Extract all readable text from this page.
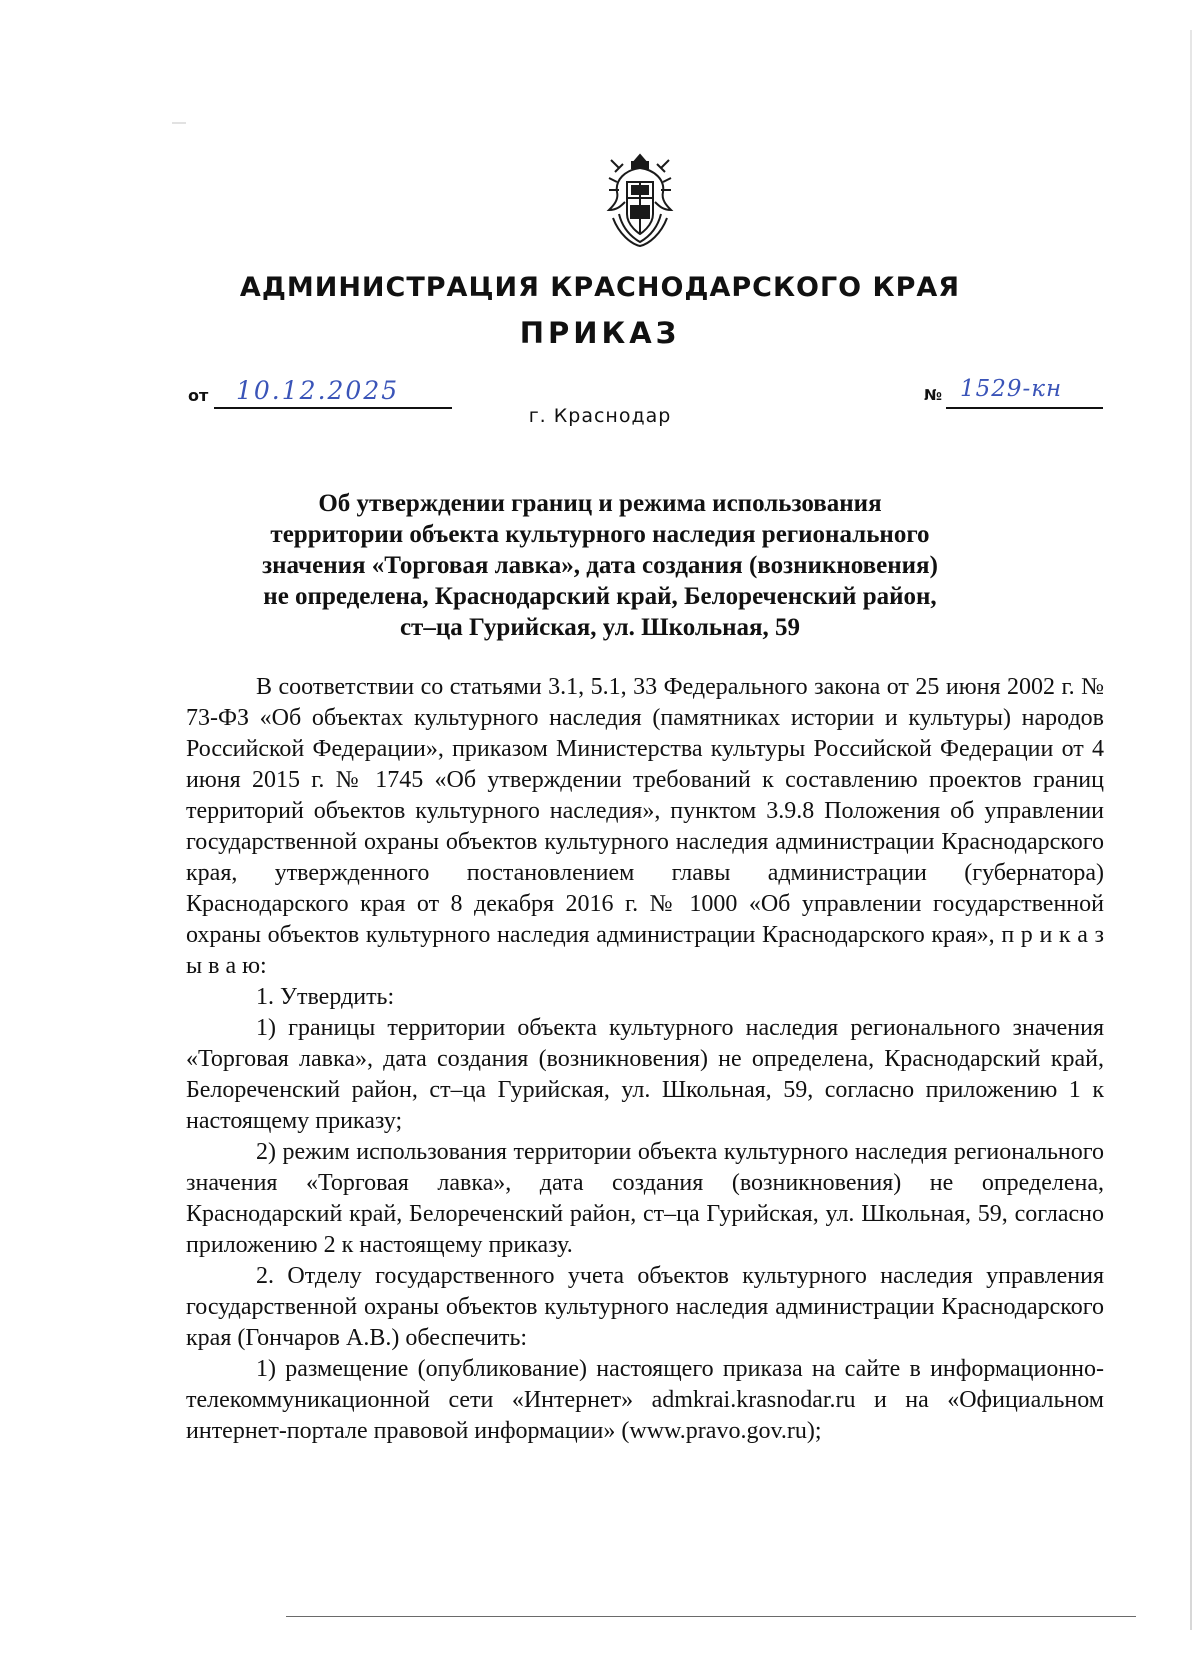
АДМИНИСТРАЦИЯ КРАСНОДАРСКОГО КРАЯ
ПРИКАЗ
от 10.12.2025
г. Краснодар
№ 1529-кн
Об утверждении границ и режима использования
территории объекта культурного наследия регионального
значения «Торговая лавка», дата создания (возникновения)
не определена, Краснодарский край, Белореченский район,
ст–ца Гурийская, ул. Школьная, 59
В соответствии со статьями 3.1, 5.1, 33 Федерального закона от 25 июня 2002 г. № 73-ФЗ «Об объектах культурного наследия (памятниках истории и культуры) народов Российской Федерации», приказом Министерства культуры Российской Федерации от 4 июня 2015 г. № 1745 «Об утверждении требований к составлению проектов границ территорий объектов культурного наследия», пунктом 3.9.8 Положения об управлении государственной охраны объектов культурного наследия администрации Краснодарского края, утвержденного постановлением главы администрации (губернатора) Краснодарского края от 8 декабря 2016 г. № 1000 «Об управлении государственной охраны объектов культурного наследия администрации Краснодарского края», п р и к а з ы в а ю:
1. Утвердить:
1) границы территории объекта культурного наследия регионального значения «Торговая лавка», дата создания (возникновения) не определена, Краснодарский край, Белореченский район, ст–ца Гурийская, ул. Школьная, 59, согласно приложению 1 к настоящему приказу;
2) режим использования территории объекта культурного наследия регионального значения «Торговая лавка», дата создания (возникновения) не определена, Краснодарский край, Белореченский район, ст–ца Гурийская, ул. Школьная, 59, согласно приложению 2 к настоящему приказу.
2. Отделу государственного учета объектов культурного наследия управления государственной охраны объектов культурного наследия администрации Краснодарского края (Гончаров А.В.) обеспечить:
1) размещение (опубликование) настоящего приказа на сайте в информационно-телекоммуникационной сети «Интернет» admkrai.krasnodar.ru и на «Официальном интернет-портале правовой информации» (www.pravo.gov.ru);
